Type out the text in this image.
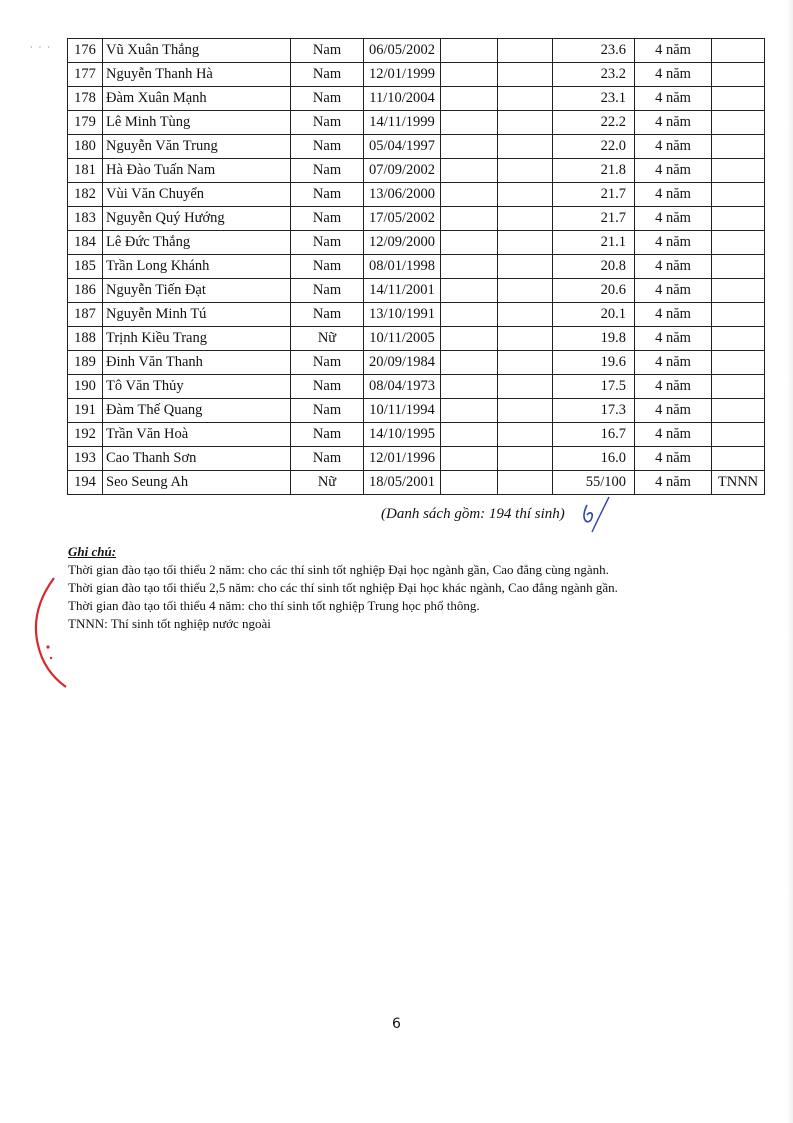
· · · 176	Vũ Xuân Thắng	Nam	06/05/2002			23.6	4 năm	
177	Nguyễn Thanh Hà	Nam	12/01/1999			23.2	4 năm	
178	Đàm Xuân Mạnh	Nam	11/10/2004			23.1	4 năm	
179	Lê Minh Tùng	Nam	14/11/1999			22.2	4 năm	
180	Nguyễn Văn Trung	Nam	05/04/1997			22.0	4 năm	
181	Hà Đào Tuấn Nam	Nam	07/09/2002			21.8	4 năm	
182	Vùi Văn Chuyển	Nam	13/06/2000			21.7	4 năm	
183	Nguyễn Quý Hướng	Nam	17/05/2002			21.7	4 năm	
184	Lê Đức Thắng	Nam	12/09/2000			21.1	4 năm	
185	Trần Long Khánh	Nam	08/01/1998			20.8	4 năm	
186	Nguyễn Tiến Đạt	Nam	14/11/2001			20.6	4 năm	
187	Nguyễn Minh Tú	Nam	13/10/1991			20.1	4 năm	
188	Trịnh Kiều Trang	Nữ	10/11/2005			19.8	4 năm	
189	Đinh Văn Thanh	Nam	20/09/1984			19.6	4 năm	
190	Tô Văn Thủy	Nam	08/04/1973			17.5	4 năm	
191	Đàm Thế Quang	Nam	10/11/1994			17.3	4 năm	
192	Trần Văn Hoà	Nam	14/10/1995			16.7	4 năm	
193	Cao Thanh Sơn	Nam	12/01/1996			16.0	4 năm	
194	Seo Seung Ah	Nữ	18/05/2001			55/100	4 năm	TNNN
(Danh sách gồm: 194 thí sinh)
Ghi chú:
Thời gian đào tạo tối thiểu 2 năm: cho các thí sinh tốt nghiệp Đại học ngành gần, Cao đẳng cùng ngành.
Thời gian đào tạo tối thiểu 2,5 năm: cho các thí sinh tốt nghiệp Đại học khác ngành, Cao đẳng ngành gần.
Thời gian đào tạo tối thiểu 4 năm: cho thí sinh tốt nghiệp Trung học phổ thông.
TNNN: Thí sinh tốt nghiệp nước ngoài
6
